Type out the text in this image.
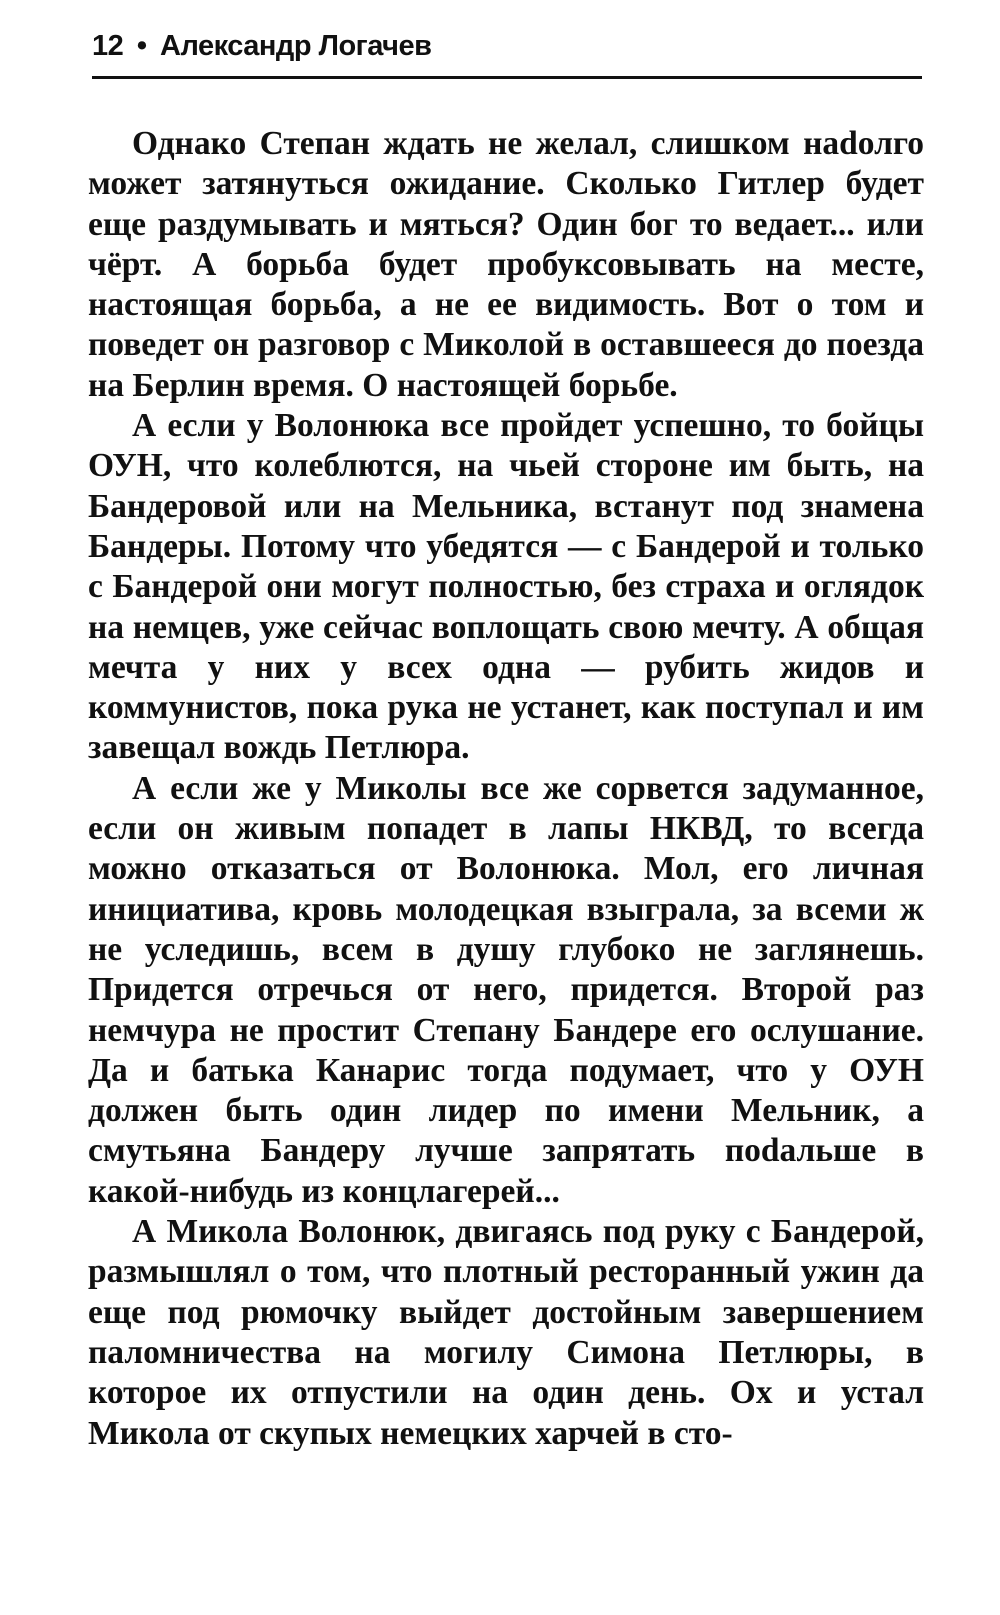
12 • Александр Логачев

Однако Степан ждать не желал, слишком наdолго может затянуться ожидание. Сколько Гитлер будет еще раздумывать и мяться? Один бог то ведает... или чёрт. А борьба будет пробуксовывать на месте, настоящая борьба, а не ее видимость. Вот о том и поведет он разговор с Миколой в оставшееся до поезда на Берлин время. О настоящей борьбе.

А если у Волонюка все пройдет успешно, то бойцы ОУН, что колеблются, на чьей стороне им быть, на Бандеровой или на Мельника, встанут под знамена Бандеры. Потому что убедятся — с Бандерой и только с Бандерой они могут полностью, без страха и оглядок на немцев, уже сейчас воплощать свою мечту. А общая мечта у них у всех одна — рубить жидов и коммунистов, пока рука не устанет, как поступал и им завещал вождь Петлюра.

А если же у Миколы все же сорвется задуманное, если он живым попадет в лапы НКВД, то всегда можно отказаться от Волонюка. Мол, его личная инициатива, кровь молодецкая взыграла, за всеми ж не уследишь, всем в душу глубоко не заглянешь. Придется отречься от него, придется. Второй раз немчура не простит Степану Бандере его ослушание. Да и батька Канарис тогда подумает, что у ОУН должен быть один лидер по имени Мельник, а смутьяна Бандеру лучше запрятать поdальше в какой-нибудь из концлагерей...

А Микола Волонюк, двигаясь под руку с Бандерой, размышлял о том, что плотный ресторанный ужин да еще под рюмочку выйдет достойным завершением паломничества на могилу Симона Петлюры, в которое их отпустили на один день. Ох и устал Микола от скупых немецких харчей в сто-
